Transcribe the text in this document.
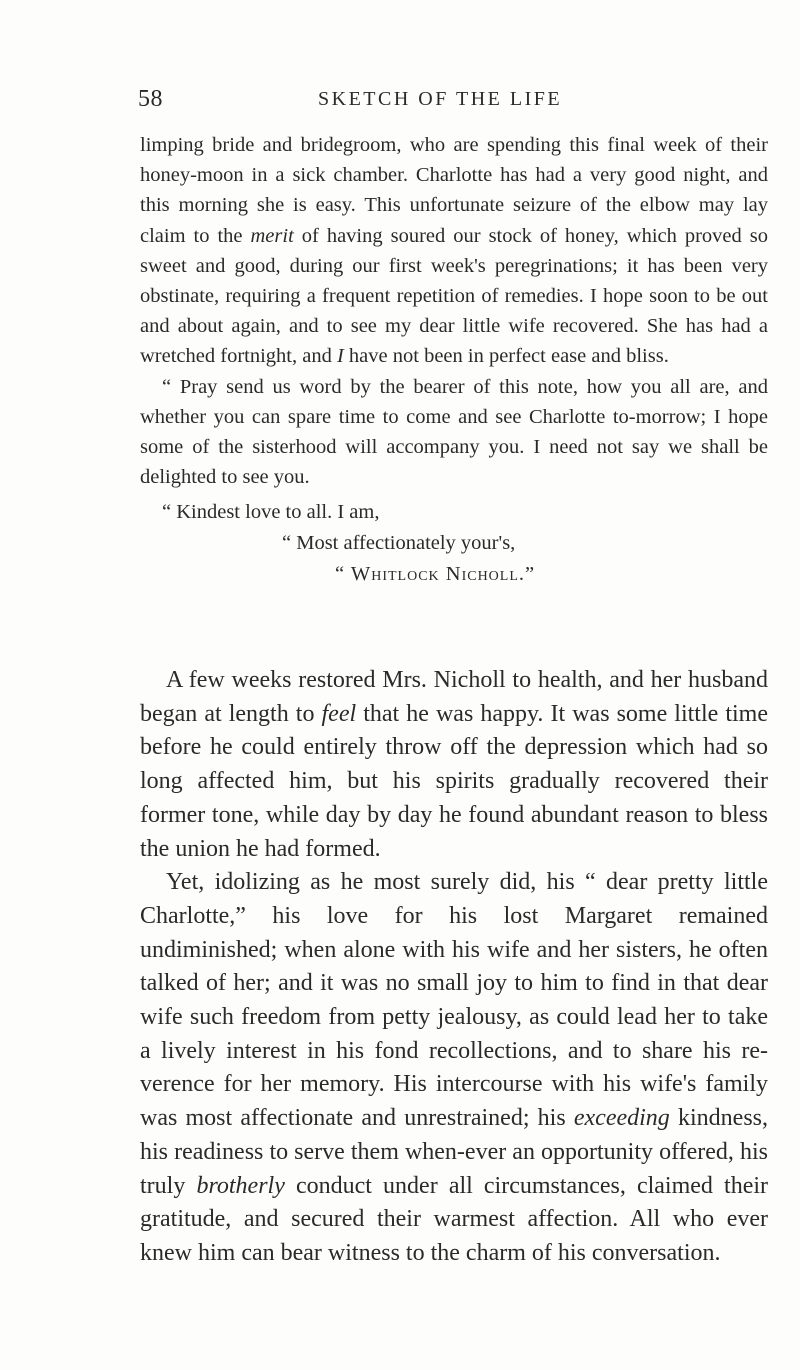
58	SKETCH OF THE LIFE

limping bride and bridegroom, who are spending this final week of their honey-moon in a sick chamber. Charlotte has had a very good night, and this morning she is easy. This unfortunate seizure of the elbow may lay claim to the merit of having soured our stock of honey, which proved so sweet and good, during our first week's peregrinations; it has been very obstinate, requiring a frequent repetition of remedies. I hope soon to be out and about again, and to see my dear little wife recovered. She has had a wretched fortnight, and I have not been in perfect ease and bliss.

“ Pray send us word by the bearer of this note, how you all are, and whether you can spare time to come and see Charlotte to-morrow; I hope some of the sisterhood will accompany you. I need not say we shall be delighted to see you.

“ Kindest love to all. I am,
“ Most affectionately your's,
“ Whitlock Nicholl.”

A few weeks restored Mrs. Nicholl to health, and her husband began at length to feel that he was happy. It was some little time before he could entirely throw off the depression which had so long affected him, but his spirits gradually recovered their former tone, while day by day he found abundant reason to bless the union he had formed.

Yet, idolizing as he most surely did, his “ dear pretty little Charlotte,” his love for his lost Margaret remained undiminished; when alone with his wife and her sisters, he often talked of her; and it was no small joy to him to find in that dear wife such freedom from petty jealousy, as could lead her to take a lively interest in his fond recollections, and to share his re-verence for her memory. His intercourse with his wife's family was most affectionate and unrestrained; his exceeding kindness, his readiness to serve them when-ever an opportunity offered, his truly brotherly conduct under all circumstances, claimed their gratitude, and secured their warmest affection. All who ever knew him can bear witness to the charm of his conversation.
